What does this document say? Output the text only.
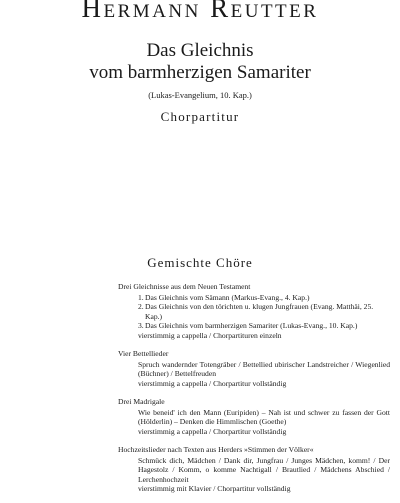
Hermann Reutter
Das Gleichnis
vom barmherzigen Samariter
(Lukas-Evangelium, 10. Kap.)
Chorpartitur
Gemischte Chöre
Drei Gleichnisse aus dem Neuen Testament
1. Das Gleichnis vom Sämann (Markus-Evang., 4. Kap.)
2. Das Gleichnis von den törichten u. klugen Jungfrauen (Evang. Matthäi, 25. Kap.)
3. Das Gleichnis vom barmherzigen Samariter (Lukas-Evang., 10. Kap.)
vierstimmig a cappella / Chorpartituren einzeln
Vier Bettellieder
Spruch wandernder Totengräber / Bettellied ubirischer Landstreicher / Wiegenlied (Büchner) / Bettelfreuden
vierstimmig a cappella / Chorpartitur vollständig
Drei Madrigale
Wie beneid' ich den Mann (Euripiden) – Nah ist und schwer zu fassen der Gott (Hölderlin) – Denken die Himmlischen (Goethe)
vierstimmig a cappella / Chorpartitur vollständig
Hochzeitslieder nach Texten aus Herders »Stimmen der Völker«
Schmück dich, Mädchen / Dank dir, Jungfrau / Junges Mädchen, komm! / Der Hagestolz / Komm, o komme Nachtigall / Brautlied / Mädchens Abschied / Lerchenhochzeit
vierstimmig mit Klavier / Chorpartitur vollständig
